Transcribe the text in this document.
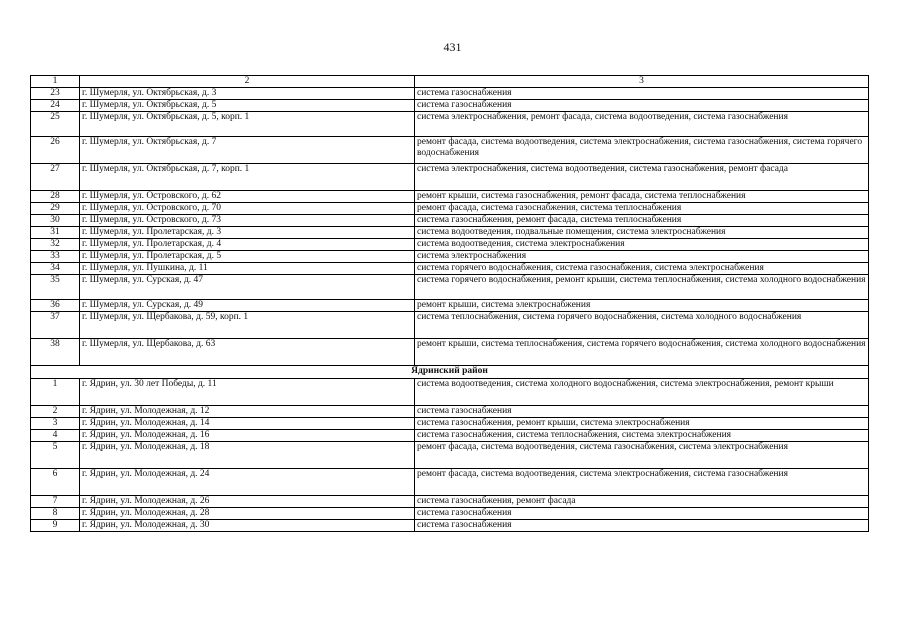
431
1	2	3
23	г. Шумерля, ул. Октябрьская, д. 3	система газоснабжения
24	г. Шумерля, ул. Октябрьская, д. 5	система газоснабжения
25	г. Шумерля, ул. Октябрьская, д. 5, корп. 1	система электроснабжения, ремонт фасада, система водоотведения, система газоснабжения
26	г. Шумерля, ул. Октябрьская, д. 7	ремонт фасада, система водоотведения, система электроснабжения, система газоснабжения, система горячего водоснабжения
27	г. Шумерля, ул. Октябрьская, д. 7, корп. 1	система электроснабжения, система водоотведения, система газоснабжения, ремонт фасада
28	г. Шумерля, ул. Островского, д. 62	ремонт крыши, система газоснабжения, ремонт фасада, система теплоснабжения
29	г. Шумерля, ул. Островского, д. 70	ремонт фасада, система газоснабжения, система теплоснабжения
30	г. Шумерля, ул. Островского, д. 73	система газоснабжения, ремонт фасада, система теплоснабжения
31	г. Шумерля, ул. Пролетарская, д. 3	система водоотведения, подвальные помещения, система электроснабжения
32	г. Шумерля, ул. Пролетарская, д. 4	система водоотведения, система электроснабжения
33	г. Шумерля, ул. Пролетарская, д. 5	система электроснабжения
34	г. Шумерля, ул. Пушкина, д. 11	система горячего водоснабжения, система газоснабжения, система электроснабжения
35	г. Шумерля, ул. Сурская, д. 47	система горячего водоснабжения, ремонт крыши, система теплоснабжения, система холодного водоснабжения
36	г. Шумерля, ул. Сурская, д. 49	ремонт крыши, система электроснабжения
37	г. Шумерля, ул. Щербакова, д. 59, корп. 1	система теплоснабжения, система горячего водоснабжения, система холодного водоснабжения
38	г. Шумерля, ул. Щербакова, д. 63	ремонт крыши, система теплоснабжения, система горячего водоснабжения, система холодного водоснабжения
Ядринский район		
1	г. Ядрин, ул. 30 лет Победы, д. 11	система водоотведения, система холодного водоснабжения, система электроснабжения, ремонт крыши
2	г. Ядрин, ул. Молодежная, д. 12	система газоснабжения
3	г. Ядрин, ул. Молодежная, д. 14	система газоснабжения, ремонт крыши, система электроснабжения
4	г. Ядрин, ул. Молодежная, д. 16	система газоснабжения, система теплоснабжения, система электроснабжения
5	г. Ядрин, ул. Молодежная, д. 18	ремонт фасада, система водоотведения, система газоснабжения, система электроснабжения
6	г. Ядрин, ул. Молодежная, д. 24	ремонт фасада, система водоотведения, система электроснабжения, система газоснабжения
7	г. Ядрин, ул. Молодежная, д. 26	система газоснабжения, ремонт фасада
8	г. Ядрин, ул. Молодежная, д. 28	система газоснабжения
9	г. Ядрин, ул. Молодежная, д. 30	система газоснабжения
